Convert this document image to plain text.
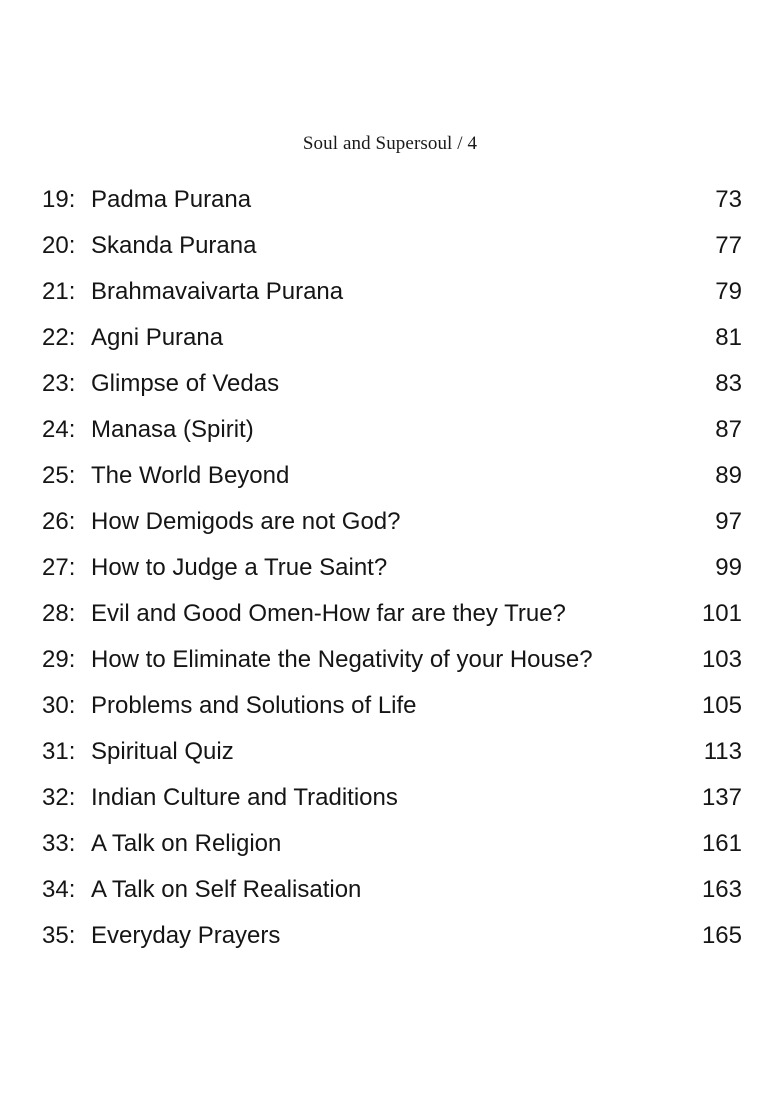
Soul and Supersoul / 4
19: Padma Purana	73
20: Skanda Purana	77
21: Brahmavaivarta Purana	79
22: Agni Purana	81
23: Glimpse of Vedas	83
24: Manasa (Spirit)	87
25: The World Beyond	89
26: How Demigods are not God?	97
27: How to Judge a True Saint?	99
28: Evil and Good Omen-How far are they True?	101
29: How to Eliminate the Negativity of your House?	103
30: Problems and Solutions of Life	105
31: Spiritual Quiz	113
32: Indian Culture and Traditions	137
33: A Talk on Religion	161
34: A Talk on Self Realisation	163
35: Everyday Prayers	165
